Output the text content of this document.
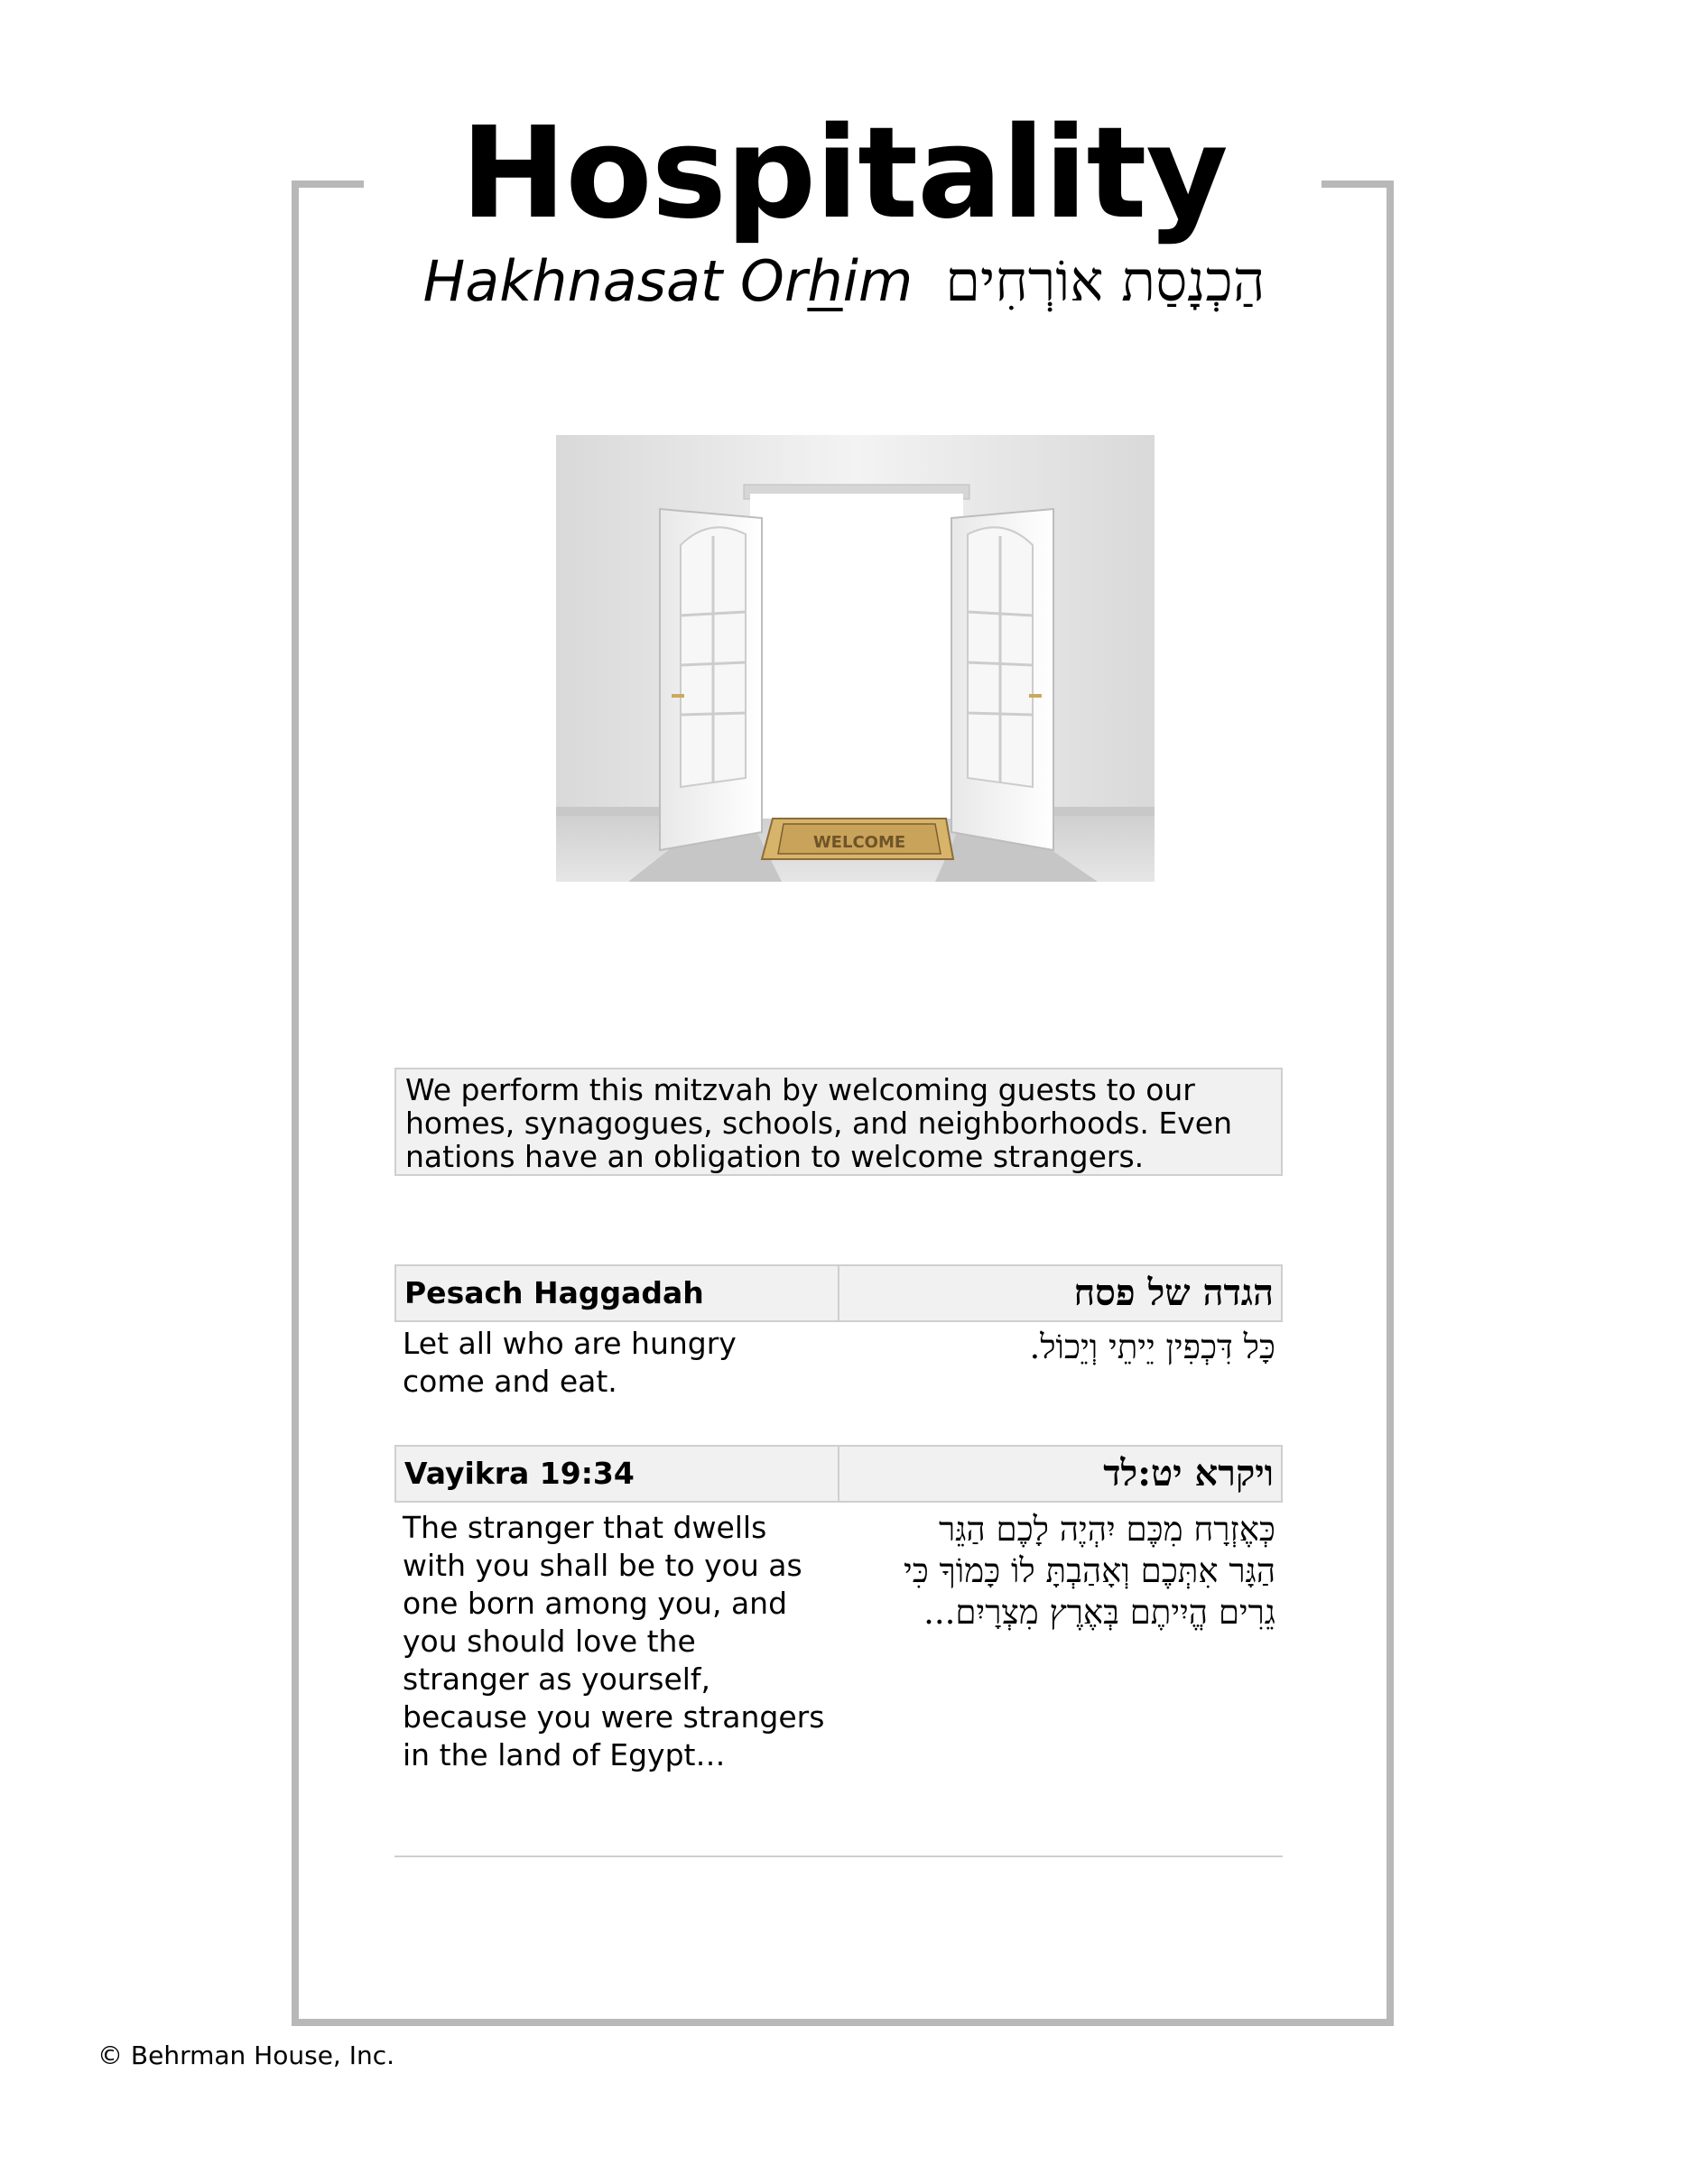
Hospitality
Hakhnasat Orhim הַכְנָסַת אוֹרְחִים
WELCOME
We perform this mitzvah by welcoming guests to our
homes, synagogues, schools, and neighborhoods. Even
nations have an obligation to welcome strangers.
Pesach Haggadah	הגדה של פסח
Let all who are hungry
come and eat.
כָּל דִּכְפִין יֵיתֵי וְיֵכוֹל.
Vayikra 19:34	ויקרא יט:לד
The stranger that dwells
with you shall be to you as
one born among you, and
you should love the
stranger as yourself,
because you were strangers
in the land of Egypt…
כְּאֶזְרָח מִכֶּם יִהְיֶה לָכֶם הַגֵּר
הַגָּר אִתְּכֶם וְאָהַבְתָּ לוֹ כָּמוֹךָ כִּי
גֵרִים הֱיִיתֶם בְּאֶרֶץ מִצְרָיִם...
© Behrman House, Inc.
